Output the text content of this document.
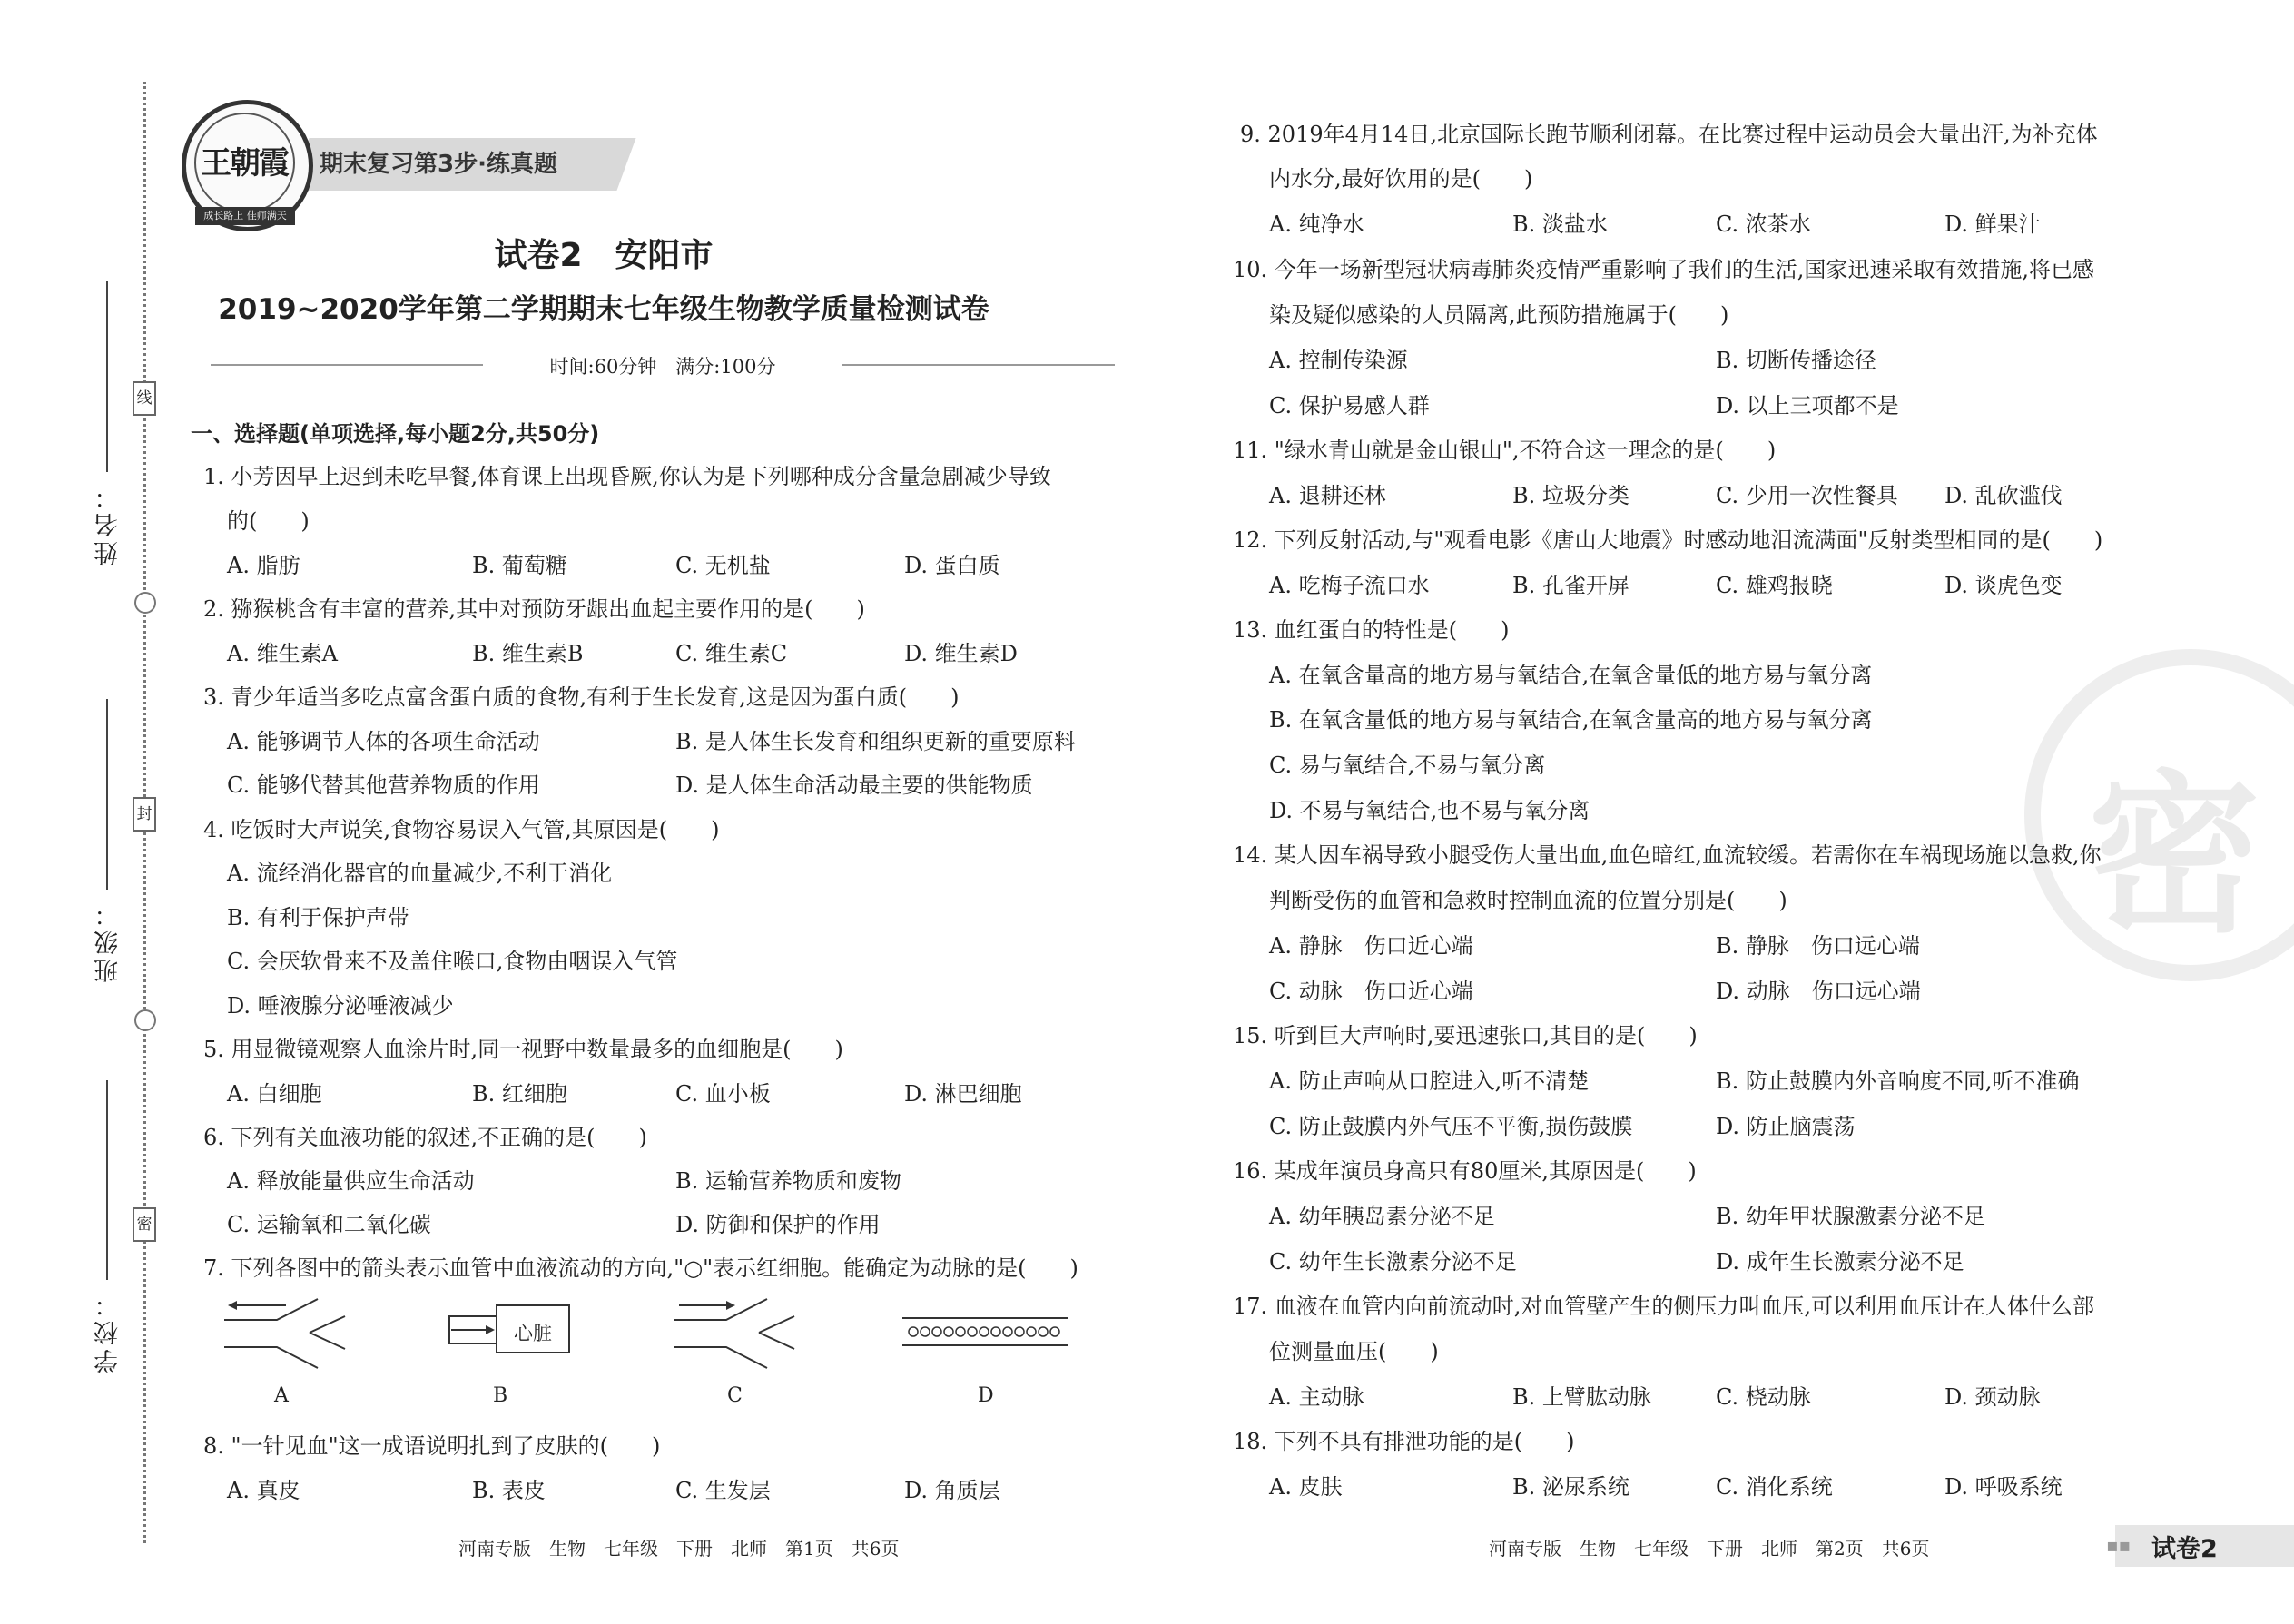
线
封
密
姓名：
班级：
学校：
期末复习第3步·练真题
王朝霞
成长路上 佳师满天
试卷2　安阳市
2019~2020学年第二学期期末七年级生物教学质量检测试卷
时间:60分钟　满分:100分
一、选择题(单项选择,每小题2分,共50分)
1. 小芳因早上迟到未吃早餐,体育课上出现昏厥,你认为是下列哪种成分含量急剧减少导致
的(　　)
A. 脂肪	B. 葡萄糖	C. 无机盐	D. 蛋白质
2. 猕猴桃含有丰富的营养,其中对预防牙龈出血起主要作用的是(　　)
A. 维生素A	B. 维生素B	C. 维生素C	D. 维生素D
3. 青少年适当多吃点富含蛋白质的食物,有利于生长发育,这是因为蛋白质(　　)
A. 能够调节人体的各项生命活动	B. 是人体生长发育和组织更新的重要原料
C. 能够代替其他营养物质的作用	D. 是人体生命活动最主要的供能物质
4. 吃饭时大声说笑,食物容易误入气管,其原因是(　　)
A. 流经消化器官的血量减少,不利于消化
B. 有利于保护声带
C. 会厌软骨来不及盖住喉口,食物由咽误入气管
D. 唾液腺分泌唾液减少
5. 用显微镜观察人血涂片时,同一视野中数量最多的血细胞是(　　)
A. 白细胞	B. 红细胞	C. 血小板	D. 淋巴细胞
6. 下列有关血液功能的叙述,不正确的是(　　)
A. 释放能量供应生命活动	B. 运输营养物质和废物
C. 运输氧和二氧化碳	D. 防御和保护的作用
7. 下列各图中的箭头表示血管中血液流动的方向,"○"表示红细胞。能确定为动脉的是(　　)
心脏
A	B	C	D
8. "一针见血"这一成语说明扎到了皮肤的(　　)
A. 真皮	B. 表皮	C. 生发层	D. 角质层
河南专版　生物　七年级　下册　北师　第1页　共6页
密
9. 2019年4月14日,北京国际长跑节顺利闭幕。在比赛过程中运动员会大量出汗,为补充体
内水分,最好饮用的是(　　)
A. 纯净水	B. 淡盐水	C. 浓茶水	D. 鲜果汁
10. 今年一场新型冠状病毒肺炎疫情严重影响了我们的生活,国家迅速采取有效措施,将已感
染及疑似感染的人员隔离,此预防措施属于(　　)
A. 控制传染源	B. 切断传播途径
C. 保护易感人群	D. 以上三项都不是
11. "绿水青山就是金山银山",不符合这一理念的是(　　)
A. 退耕还林	B. 垃圾分类	C. 少用一次性餐具 D. 乱砍滥伐
12. 下列反射活动,与"观看电影《唐山大地震》时感动地泪流满面"反射类型相同的是(　　)
A. 吃梅子流口水	B. 孔雀开屏	C. 雄鸡报晓	D. 谈虎色变
13. 血红蛋白的特性是(　　)
A. 在氧含量高的地方易与氧结合,在氧含量低的地方易与氧分离
B. 在氧含量低的地方易与氧结合,在氧含量高的地方易与氧分离
C. 易与氧结合,不易与氧分离
D. 不易与氧结合,也不易与氧分离
14. 某人因车祸导致小腿受伤大量出血,血色暗红,血流较缓。若需你在车祸现场施以急救,你
判断受伤的血管和急救时控制血流的位置分别是(　　)
A. 静脉　伤口近心端	B. 静脉　伤口远心端
C. 动脉　伤口近心端	D. 动脉　伤口远心端
15. 听到巨大声响时,要迅速张口,其目的是(　　)
A. 防止声响从口腔进入,听不清楚	B. 防止鼓膜内外音响度不同,听不准确
C. 防止鼓膜内外气压不平衡,损伤鼓膜	D. 防止脑震荡
16. 某成年演员身高只有80厘米,其原因是(　　)
A. 幼年胰岛素分泌不足	B. 幼年甲状腺激素分泌不足
C. 幼年生长激素分泌不足	D. 成年生长激素分泌不足
17. 血液在血管内向前流动时,对血管壁产生的侧压力叫血压,可以利用血压计在人体什么部
位测量血压(　　)
A. 主动脉	B. 上臂肱动脉	C. 桡动脉	D. 颈动脉
18. 下列不具有排泄功能的是(　　)
A. 皮肤	B. 泌尿系统	C. 消化系统	D. 呼吸系统
河南专版　生物　七年级　下册　北师　第2页　共6页	▪▪ 试卷2
